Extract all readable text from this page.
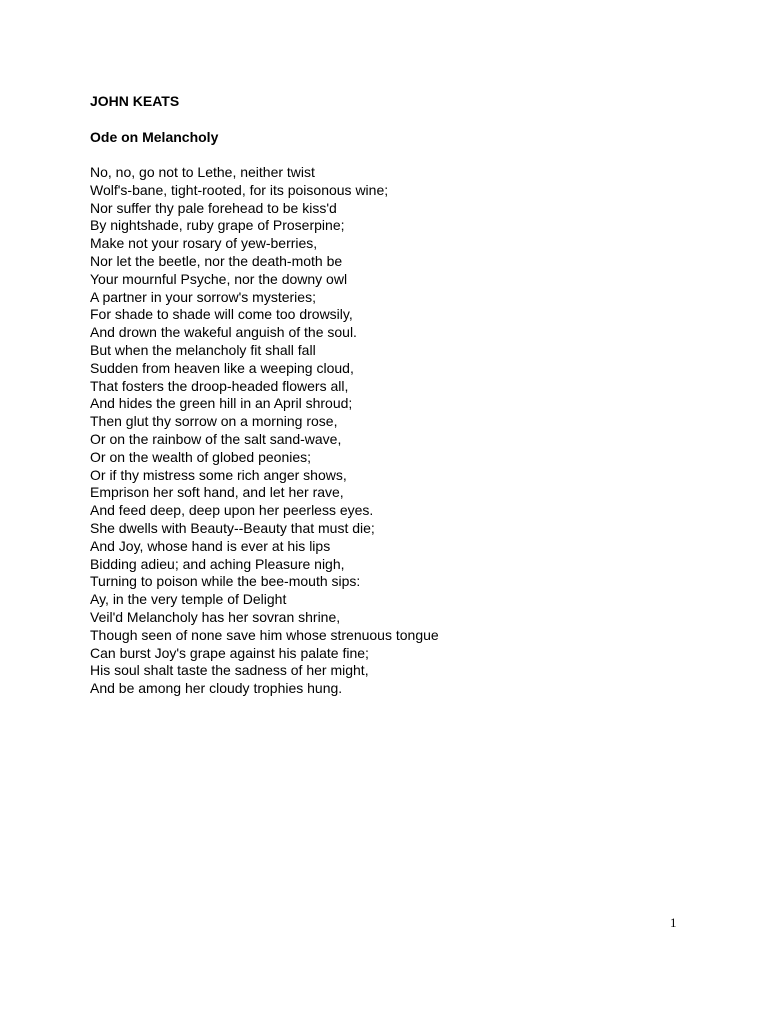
JOHN KEATS
Ode on Melancholy
No, no, go not to Lethe, neither twist
Wolf's-bane, tight-rooted, for its poisonous wine;
Nor suffer thy pale forehead to be kiss'd
By nightshade, ruby grape of Proserpine;
Make not your rosary of yew-berries,
Nor let the beetle, nor the death-moth be
Your mournful Psyche, nor the downy owl
A partner in your sorrow's mysteries;
For shade to shade will come too drowsily,
And drown the wakeful anguish of the soul.
But when the melancholy fit shall fall
Sudden from heaven like a weeping cloud,
That fosters the droop-headed flowers all,
And hides the green hill in an April shroud;
Then glut thy sorrow on a morning rose,
Or on the rainbow of the salt sand-wave,
Or on the wealth of globed peonies;
Or if thy mistress some rich anger shows,
Emprison her soft hand, and let her rave,
And feed deep, deep upon her peerless eyes.
She dwells with Beauty--Beauty that must die;
And Joy, whose hand is ever at his lips
Bidding adieu; and aching Pleasure nigh,
Turning to poison while the bee-mouth sips:
Ay, in the very temple of Delight
Veil'd Melancholy has her sovran shrine,
Though seen of none save him whose strenuous tongue
Can burst Joy's grape against his palate fine;
His soul shalt taste the sadness of her might,
And be among her cloudy trophies hung.
1
